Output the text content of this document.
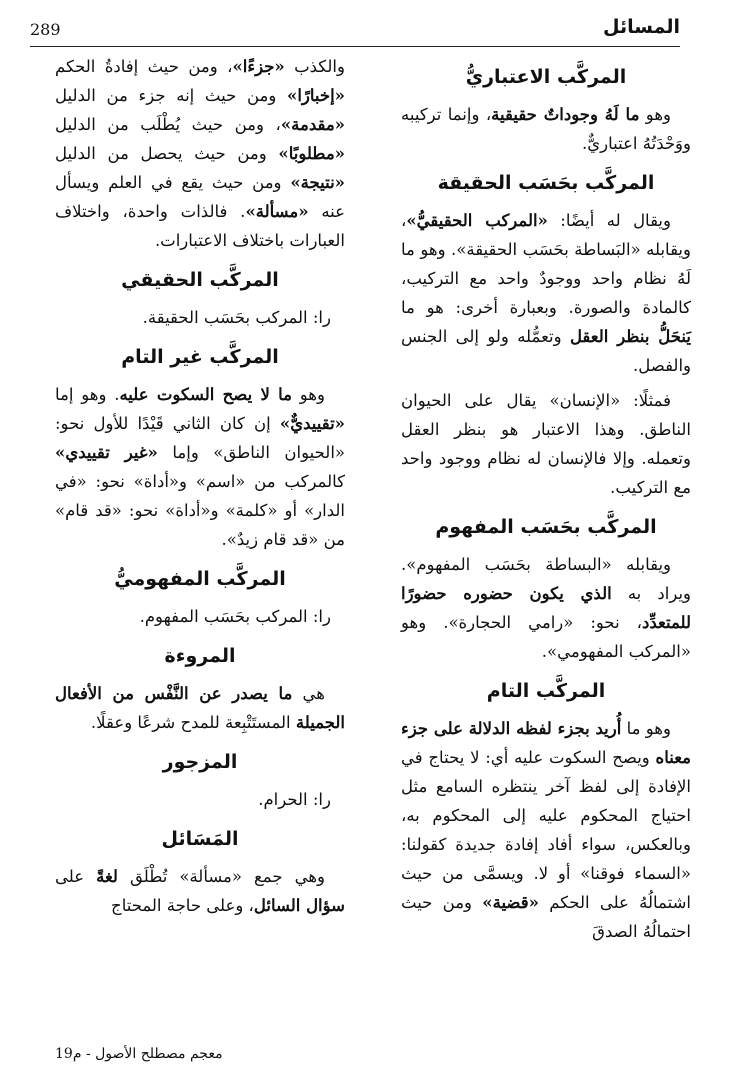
289	المسائل
المركَّب الاعتباريُّ

وهو ما لَهُ وجوداتٌ حقيقية، وإنما تركيبه ووَحْدَتُهُ اعتباريٌّ.

المركَّب بحَسَب الحقيقة

ويقال له أيضًا: «المركب الحقيقيُّ»، ويقابله «البَساطة بحَسَب الحقيقة». وهو ما لَهُ نظام واحد ووجودٌ واحد مع التركيب، كالمادة والصورة. وبعبارة أخرى: هو ما يَنحَلُّ بنظر العقل وتعمُّله ولو إلى الجنس والفصل.

فمثلًا: «الإنسان» يقال على الحيوان الناطق. وهذا الاعتبار هو بنظر العقل وتعمله. وإلا فالإنسان له نظام ووجود واحد مع التركيب.

المركَّب بحَسَب المفهوم

ويقابله «البساطة بحَسَب المفهوم». ويراد به الذي يكون حضوره حضورًا للمتعدِّد، نحو: «رامي الحجارة». وهو «المركب المفهومي».

المركَّب التام

وهو ما أُريد بجزء لفظه الدلالة على جزء معناه ويصح السكوت عليه أي: لا يحتاج في الإفادة إلى لفظ آخر ينتظره السامع مثل احتياج المحكوم عليه إلى المحكوم به، وبالعكس، سواء أفاد إفادة جديدة كقولنا: «السماء فوقنا» أو لا. ويسمَّى من حيث اشتمالُهُ على الحكم «قضية» ومن حيث احتمالُهُ الصدقَ

والكذب «جزءًا»، ومن حيث إفادةُ الحكم «إخبارًا» ومن حيث إنه جزء من الدليل «مقدمة»، ومن حيث يُطْلَب من الدليل «مطلوبًا» ومن حيث يحصل من الدليل «نتيجة» ومن حيث يقع في العلم ويسأل عنه «مسألة». فالذات واحدة، واختلاف العبارات باختلاف الاعتبارات.

المركَّب الحقيقي

را: المركب بحَسَب الحقيقة.

المركَّب غير التام

وهو ما لا يصح السكوت عليه. وهو إما «تقييديٌّ» إن كان الثاني قَيْدًا للأول نحو: «الحيوان الناطق» وإما «غير تقييدي» كالمركب من «اسم» و«أداة» نحو: «في الدار» أو «كلمة» و«أداة» نحو: «قد قام» من «قد قام زيدٌ».

المركَّب المفهوميُّ

را: المركب بحَسَب المفهوم.

المروءة

هي ما يصدر عن النَّفْس من الأفعال الجميلة المستَتْبِعة للمدح شرعًا وعقلًا.

المزجور

را: الحرام.

المَسَائل

وهي جمع «مسألة» تُطْلَق لغةً على سؤال السائل، وعلى حاجة المحتاج

معجم مصطلح الأصول - م19
